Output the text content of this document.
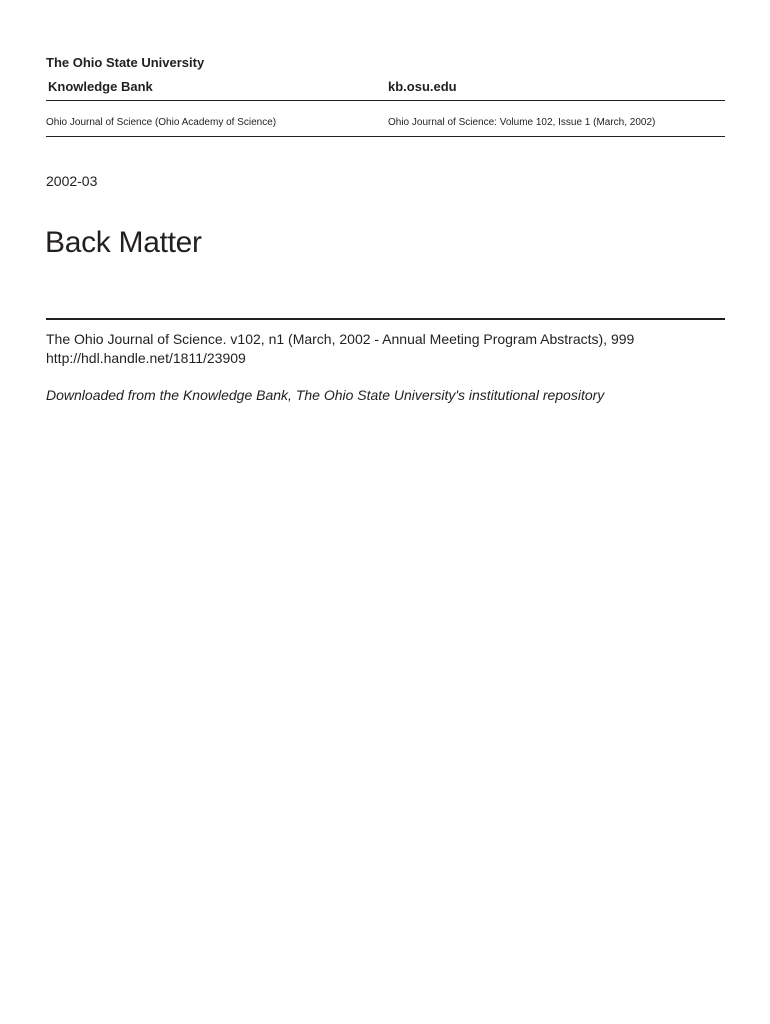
The Ohio State University
Knowledge Bank	kb.osu.edu
Ohio Journal of Science (Ohio Academy of Science)	Ohio Journal of Science: Volume 102, Issue 1 (March, 2002)
2002-03
Back Matter
The Ohio Journal of Science. v102, n1 (March, 2002 - Annual Meeting Program Abstracts), 999
http://hdl.handle.net/1811/23909
Downloaded from the Knowledge Bank, The Ohio State University's institutional repository
